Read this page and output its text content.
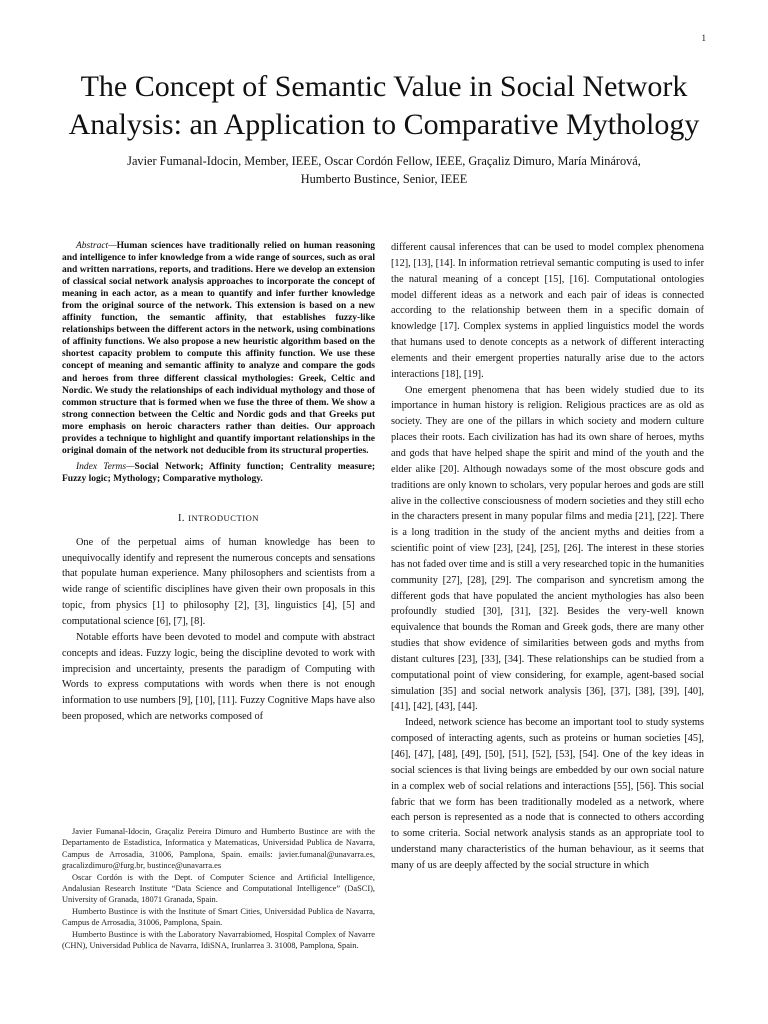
1
The Concept of Semantic Value in Social Network Analysis: an Application to Comparative Mythology
Javier Fumanal-Idocin, Member, IEEE, Oscar Cordón Fellow, IEEE, Graçaliz Dimuro, María Minárová,
Humberto Bustince, Senior, IEEE

Abstract—Human sciences have traditionally relied on human reasoning and intelligence to infer knowledge from a wide range of sources, such as oral and written narrations, reports, and traditions. Here we develop an extension of classical social network analysis approaches to incorporate the concept of meaning in each actor, as a mean to quantify and infer further knowledge from the original source of the network. This extension is based on a new affinity function, the semantic affinity, that establishes fuzzy-like relationships between the different actors in the network, using combinations of affinity functions. We also propose a new heuristic algorithm based on the shortest capacity problem to compute this affinity function. We use these concept of meaning and semantic affinity to analyze and compare the gods and heroes from three different classical mythologies: Greek, Celtic and Nordic. We study the relationships of each individual mythology and those of common structure that is formed when we fuse the three of them. We show a strong connection between the Celtic and Nordic gods and that Greeks put more emphasis on heroic characters rather than deities. Our approach provides a technique to highlight and quantify important relationships in the original domain of the network not deducible from its structural properties.

Index Terms—Social Network; Affinity function; Centrality measure; Fuzzy logic; Mythology; Comparative mythology.

I. INTRODUCTION

One of the perpetual aims of human knowledge has been to unequivocally identify and represent the numerous concepts and sensations that populate human experience. Many philosophers and scientists from a wide range of scientific disciplines have given their own proposals in this topic, from physics [1] to philosophy [2], [3], linguistics [4], [5] and computational science [6], [7], [8].

Notable efforts have been devoted to model and compute with abstract concepts and ideas. Fuzzy logic, being the discipline devoted to work with imprecision and uncertainty, presents the paradigm of Computing with Words to express computations with words when there is not enough information to use numbers [9], [10], [11]. Fuzzy Cognitive Maps have also been proposed, which are networks composed of

Javier Fumanal-Idocin, Graçaliz Pereira Dimuro and Humberto Bustince are with the Departamento de Estadistica, Informatica y Matematicas, Universidad Publica de Navarra, Campus de Arrosadia, 31006, Pamplona, Spain. emails: javier.fumanal@unavarra.es, gracalizdimuro@furg.br, bustince@unavarra.es

Oscar Cordón is with the Dept. of Computer Science and Artificial Intelligence, Andalusian Research Institute “Data Science and Computational Intelligence” (DaSCI), University of Granada, 18071 Granada, Spain.

Humberto Bustince is with the Institute of Smart Cities, Universidad Publica de Navarra, Campus de Arrosadia, 31006, Pamplona, Spain.

Humberto Bustince is with the Laboratory Navarrabiomed, Hospital Complex of Navarre (CHN), Universidad Publica de Navarra, IdiSNA, Irunlarrea 3. 31008, Pamplona, Spain.

different causal inferences that can be used to model complex phenomena [12], [13], [14]. In information retrieval semantic computing is used to infer the natural meaning of a concept [15], [16]. Computational ontologies model different ideas as a network and each pair of ideas is connected according to the relationship between them in a specific domain of knowledge [17]. Complex systems in applied linguistics model the words that humans used to denote concepts as a network of different interacting elements and their emergent properties naturally arise due to the actors interactions [18], [19].

One emergent phenomena that has been widely studied due to its importance in human history is religion. Religious practices are as old as society. They are one of the pillars in which society and modern culture places their roots. Each civilization has had its own share of heroes, myths and gods that have helped shape the spirit and mind of the youth and the elder alike [20]. Although nowadays some of the most obscure gods and traditions are only known to scholars, very popular heroes and gods are still alive in the collective consciousness of modern societies and they still echo in the characters present in many popular films and media [21], [22]. There is a long tradition in the study of the ancient myths and deities from a scientific point of view [23], [24], [25], [26]. The interest in these stories has not faded over time and is still a very researched topic in the humanities community [27], [28], [29]. The comparison and syncretism among the different gods that have populated the ancient mythologies has also been profoundly studied [30], [31], [32]. Besides the very-well known equivalence that bounds the Roman and Greek gods, there are many other studies that show evidence of similarities between gods and myths from distant cultures [23], [33], [34]. These relationships can be studied from a computational point of view considering, for example, agent-based social simulation [35] and social network analysis [36], [37], [38], [39], [40], [41], [42], [43], [44].

Indeed, network science has become an important tool to study systems composed of interacting agents, such as proteins or human societies [45], [46], [47], [48], [49], [50], [51], [52], [53], [54]. One of the key ideas in social sciences is that living beings are embedded by our own social nature in a complex web of social relations and interactions [55], [56]. This social fabric that we form has been traditionally modeled as a network, where each person is represented as a node that is connected to others according to some criteria. Social network analysis stands as an appropriate tool to understand many characteristics of the human behaviour, as it seems that many of us are deeply affected by the social structure in which
